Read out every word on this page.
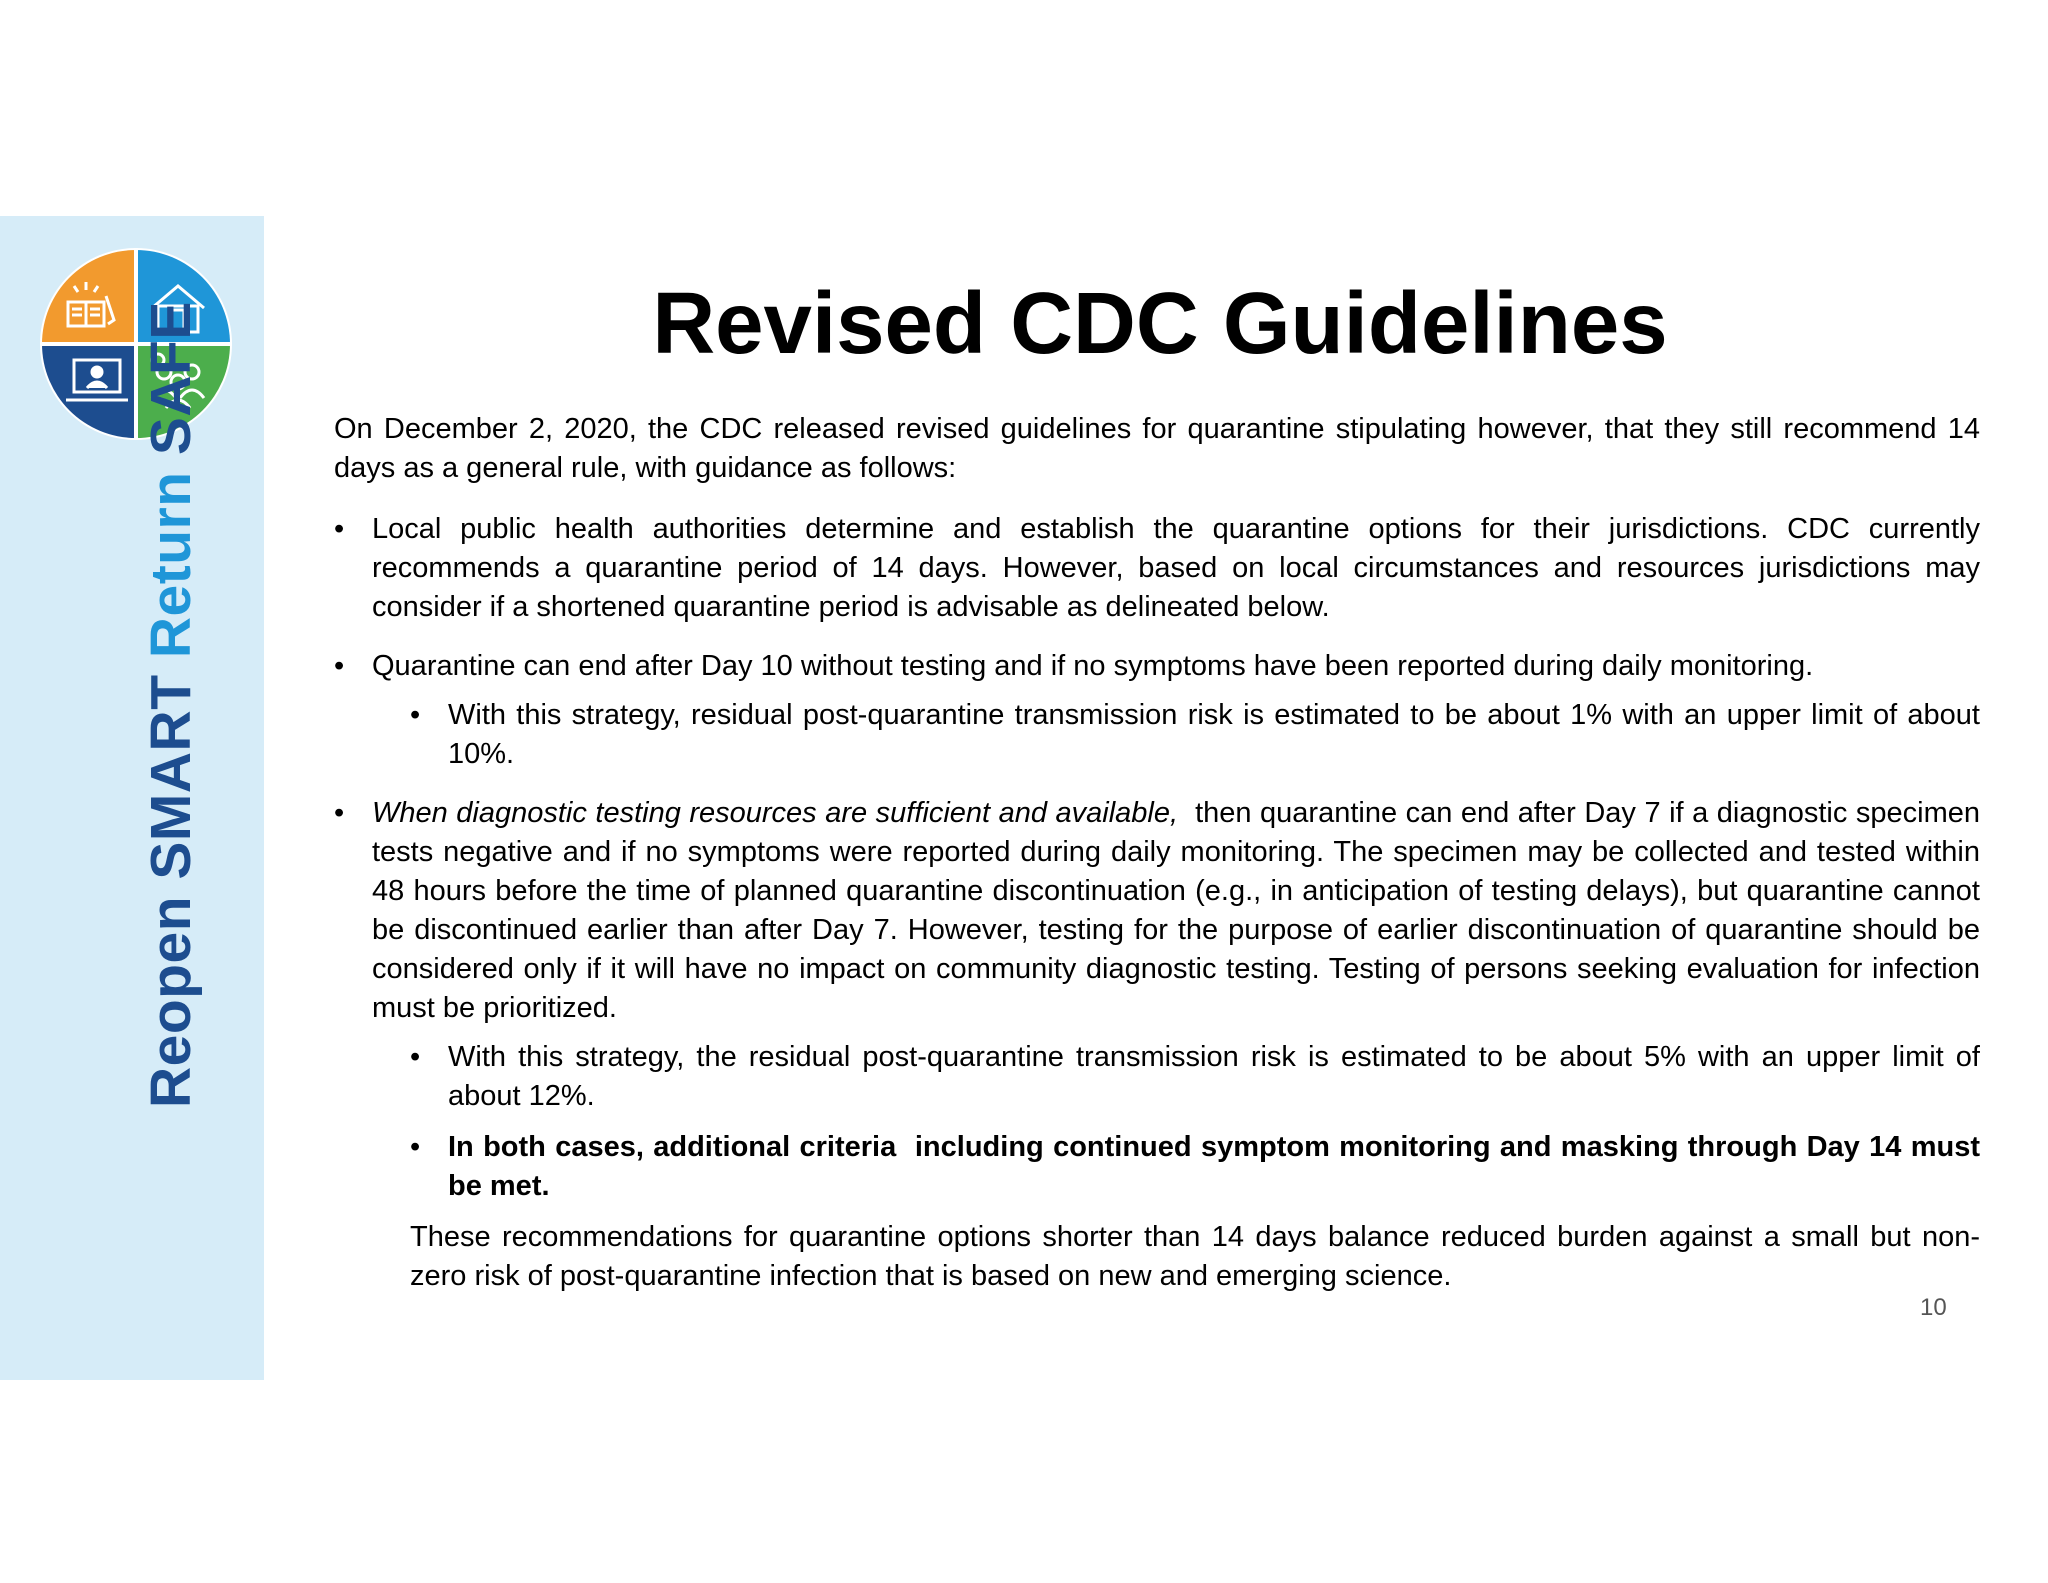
Reopen SMART Return SAFE	Revised CDC Guidelines

On December 2, 2020, the CDC released revised guidelines for quarantine stipulating however, that they still recommend 14 days as a general rule, with guidance as follows:

• Local public health authorities determine and establish the quarantine options for their jurisdictions. CDC currently recommends a quarantine period of 14 days. However, based on local circumstances and resources jurisdictions may consider if a shortened quarantine period is advisable as delineated below.
• Quarantine can end after Day 10 without testing and if no symptoms have been reported during daily monitoring.
• With this strategy, residual post-quarantine transmission risk is estimated to be about 1% with an upper limit of about 10%.
• When diagnostic testing resources are sufficient and available,  then quarantine can end after Day 7 if a diagnostic specimen tests negative and if no symptoms were reported during daily monitoring. The specimen may be collected and tested within 48 hours before the time of planned quarantine discontinuation (e.g., in anticipation of testing delays), but quarantine cannot be discontinued earlier than after Day 7. However, testing for the purpose of earlier discontinuation of quarantine should be considered only if it will have no impact on community diagnostic testing. Testing of persons seeking evaluation for infection must be prioritized.
• With this strategy, the residual post-quarantine transmission risk is estimated to be about 5% with an upper limit of about 12%.
• In both cases, additional criteria  including continued symptom monitoring and masking through Day 14 must be met.

These recommendations for quarantine options shorter than 14 days balance reduced burden against a small but non-zero risk of post-quarantine infection that is based on new and emerging science.

10
